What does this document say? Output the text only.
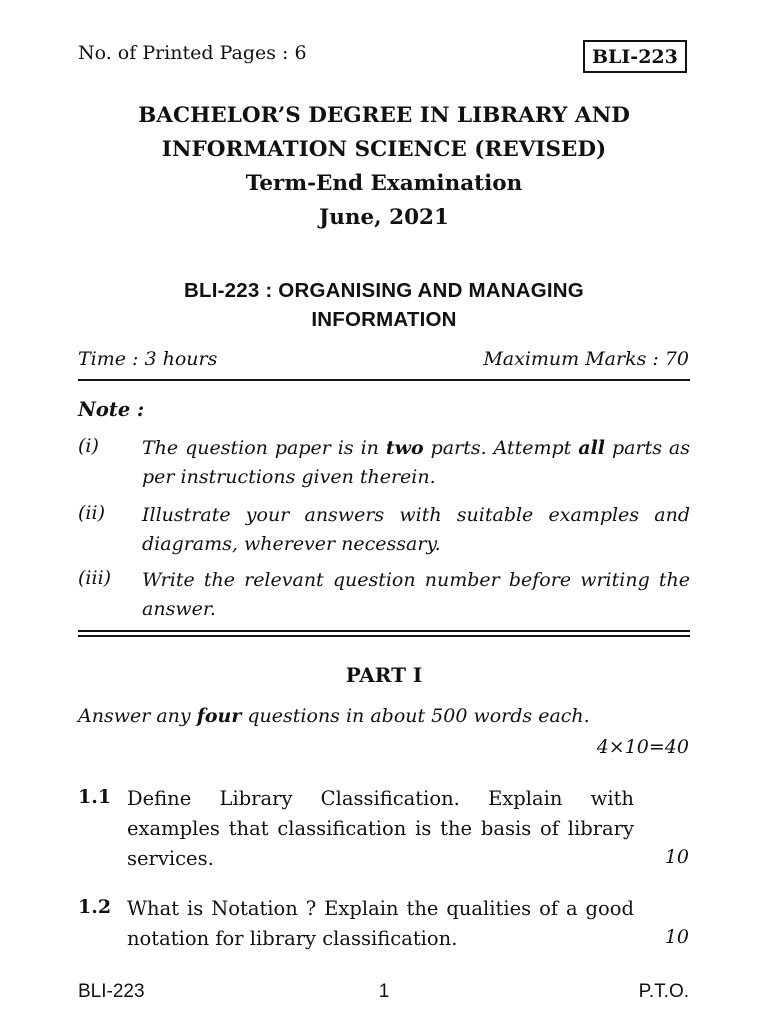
No. of Printed Pages : 6	BLI-223
BACHELOR’S DEGREE IN LIBRARY AND
INFORMATION SCIENCE (REVISED)
Term-End Examination
June, 2021
BLI-223 : ORGANISING AND MANAGING
INFORMATION
Time : 3 hours	Maximum Marks : 70
Note :
(i) The question paper is in two parts. Attempt all parts as per instructions given therein.
(ii) Illustrate your answers with suitable examples and diagrams, wherever necessary.
(iii) Write the relevant question number before writing the answer.
PART I
Answer any four questions in about 500 words each.
4×10=40
1.1 Define Library Classification. Explain with examples that classification is the basis of library services.	10
1.2 What is Notation ? Explain the qualities of a good notation for library classification.	10
BLI-223	1	P.T.O.
